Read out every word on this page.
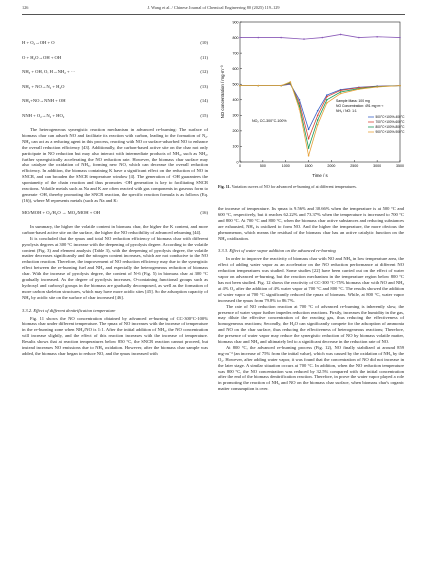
126	J. Wang et al. / Chinese Journal of Chemical Engineering 80 (2025) 119–129
H + O₂→OH + O	(10)
O + H₂O→OH + OH	(11)
NH₃ + OH, O, H→NH₂ + ···	(12)
NH₂ + NO→N₂ + H₂O	(13)
NH₂+NO→NNH + OH	(14)
NNH + O₂→N₂ + HO₂	(15)

The heterogeneous synergistic reaction mechanism in advanced re-burning: The surface of biomass char can adsorb NO and facilitate its reaction with carbon, leading to the formation of N₂. NH₃ can act as a reducing agent in this process, reacting with NO or surface-adsorbed NO to enhance the overall reduction efficiency [43]. Additionally, the carbon-based active site on the char not only participate in NO reduction but may also interact with intermediate products of NH₃, such as NH₂, further synergistically accelerating the NO reduction rate. However, the biomass char surface may also catalyze the oxidation of NH₃, forming new NO, which can decrease the overall reduction efficiency. In addition, the biomass containing K have a significant effect on the reduction of NO in SNCR, and can broaden the SNCR temperature window [4]. The generation of ·OH guarantees the spontaneity of the chain reaction and thus promotes ·OH generation is key to facilitating SNCR reactions. Volatile metals such as Na and K are often reacted with gas components in gaseous form to generate ·OH, thereby promoting the SNCR reaction, the specific reaction formula is as follows (Eq. (16)), where M represents metals (such as Na and K:

MO/MOH + O₂/H₂O → MO₂/MOH + OH	(16)

In summary, the higher the volatile content in biomass char, the higher the K content, and more carbon-based active site on the surface, the higher the NO reducibility of advanced reburning [44].

It is concluded that the ηmax and total NO reduction efficiency of biomass char with different pyrolysis degrees at 300 °C increase with the deepening of pyrolysis degree. According to the volatile content (Fig. 3) and element analysis (Table 3), with the deepening of pyrolysis degree, the volatile matter decreases significantly and the nitrogen content increases, which are not conducive to the NO reduction reaction. Therefore, the improvement of NO reduction efficiency may due to the synergistic effect between the re-burning fuel and NH₃ and especially the heterogeneous reduction of biomass char. With the increase of pyrolysis degree, the content of N-6 (Fig. 5) in biomass char at 300 °C gradually increased. As the degree of pyrolysis increases, O-containing functional groups such as hydroxyl and carboxyl groups in the biomass are gradually decomposed, as well as the formation of more carbon skeleton structures, which may have more acidic sites [45]. So the adsorption capacity of NH₃ by acidic site on the surface of char increased [46].

3.3.2. Effect of different denitrification temperature

Fig. 11 shows the NO concentration obtained by advanced re-burning of CC-300°C-100% biomass char under different temperature. The ηmax of NO increases with the increase of temperature in the re-burning zone when NH₃/NO is 1:1. After the initial addition of NH₃, the NO concentration will increase slightly, and the effect of this reaction increases with the increase of temperature. Results shows that at reaction temperatures below 850 °C, the SNCR reaction cannot proceed, but instead increases NO emissions due to NH₃ oxidation. However, after the biomass char sample was added, the biomass char began to reduce NO, and the ηmax increased with

0
100
200
300
400
500
600
700
800
900
0	500	1000	1500	2000	2500	3000	3500
NO concentration / mg·m⁻³
Time / s
NO₂ CC-300°C-100%
Sample Mass: 100 mg
NO Concentration: 491 mg·m⁻³
NH₃ / NO: 1:1
500°C+100%-400°C
700°C+100%-600°C
800°C+100%-800°C
900°C+100%-900°C
Fig. 11. Variation curves of NO for advanced re-burning of at different temperatures.

the increase of temperature. Its ηmax is 9.56% and 30.66% when the temperature is at 500 °C and 600 °C, respectively, but it reaches 62.22% and 73.37% when the temperature is increased to 700 °C and 800 °C. At 700 °C and 800 °C, when the biomass char active substances and reducing substances are exhausted, NH₃ is oxidized to form NO. And the higher the temperature, the more obvious the phenomenon, which means the residual of the biomass char has an active catalytic function on the NH₃ oxidization.

3.3.3. Effect of water vapor addition on the advanced re-burning

In order to improve the reactivity of biomass char with NO and NH₃ in low temperature area, the effect of adding water vapor as an accelerator on the NO reduction performance at different NO reduction temperatures was studied. Some studies [22] have been carried out on the effect of water vapor on advanced re-burning, but the reaction mechanism in the temperature region below 800 °C has not been studied. Fig. 12 shows the reactivity of CC-300 °C-75% biomass char with NO and NH₃ at 4% O₂ after the addition of 4% water vapor at 700 °C and 800 °C. The results showed the addition of water vapor at 700 °C significantly reduced the ηmax of biomass. While, at 800 °C, water vapor increased the ηmax from 79.8% to 86.7%.

The rate of NO reduction reaction at 700 °C of advanced re-burning is inherently slow, the presence of water vapor further impedes reduction reactions. Firstly, increases the humidity in the gas, may dilute the effective concentration of the reacting gas, thus reducing the effectiveness of homogeneous reactions; Secondly, the H₂O can significantly compete for the adsorption of ammonia and NO on the char surface, thus reducing the effectiveness of heterogeneous reactions; Therefore, the presence of water vapor may reduce the synergistic reduction of NO by biomass volatile matter, biomass char and NH₃ and ultimately led to a significant decrease in the reduction rate of NO.

At 800 °C, the advanced re-burning process (Fig. 12), NO finally stabilized at around 859 mg·m⁻³ (an increase of 75% from the initial value), which was caused by the oxidation of NH₃ by the O₂. However, after adding water vapor, it was found that the concentration of NO did not increase in the later stage. A similar situation occurs at 700 °C. In addition, when the NO reduction temperature was 800 °C, the NO concentration was reduced by 32.5% compared with the initial concentration after the end of the biomass denitrification reaction. Therefore, in prove the water vapor played a role in promoting the reaction of NH₃ and NO on the biomass char surface, when biomass char's organic matter consumption is over.
